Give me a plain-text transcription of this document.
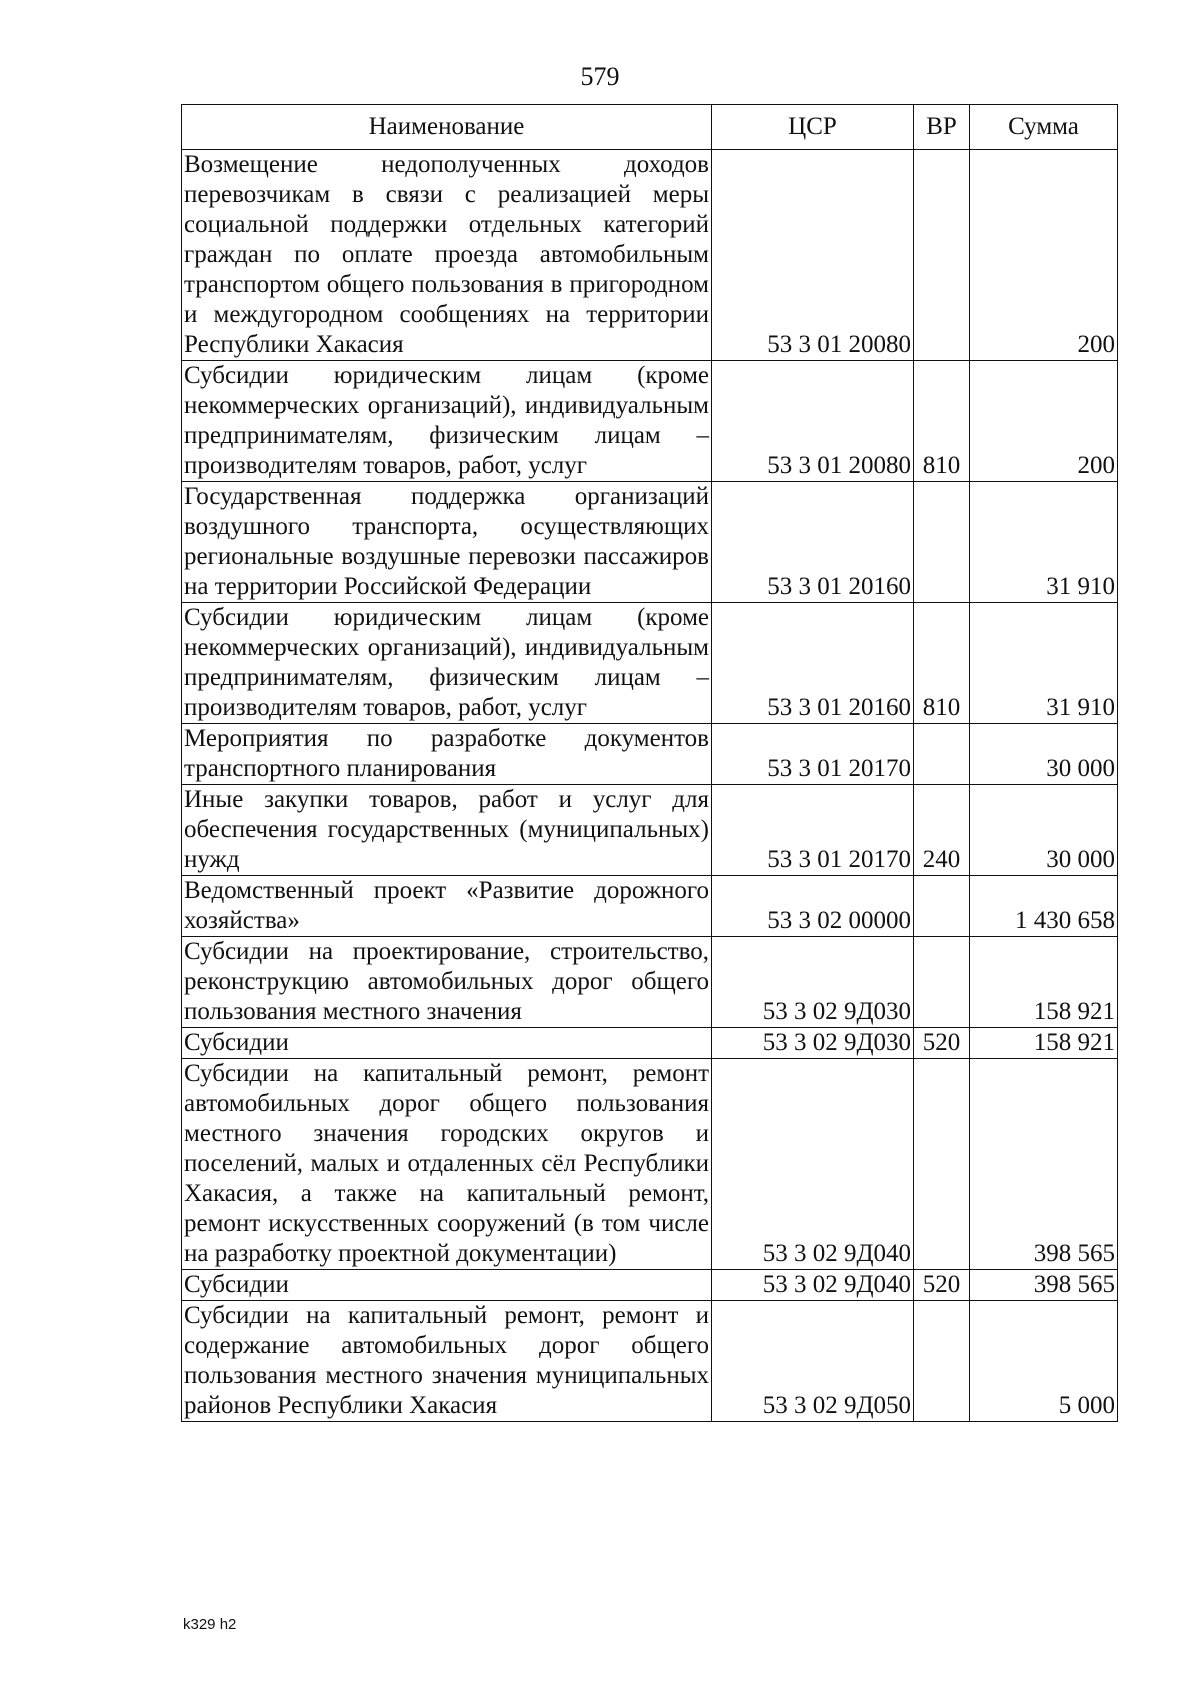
579
Наименование	ЦСР	ВР	Сумма
Возмещение недополученных доходов перевозчикам в связи с реализацией меры социальной поддержки отдельных категорий граждан по оплате проезда автомобильным транспортом общего пользования в пригородном и междугородном сообщениях на территории Республики Хакасия	53 3 01 20080		200
Субсидии юридическим лицам (кроме некоммерческих организаций), индивидуальным предпринимателям, физическим лицам – производителям товаров, работ, услуг	53 3 01 20080	810	200
Государственная поддержка организаций воздушного транспорта, осуществляющих региональные воздушные перевозки пассажиров на территории Российской Федерации	53 3 01 20160		31 910
Субсидии юридическим лицам (кроме некоммерческих организаций), индивидуальным предпринимателям, физическим лицам – производителям товаров, работ, услуг	53 3 01 20160	810	31 910
Мероприятия по разработке документов транспортного планирования	53 3 01 20170		30 000
Иные закупки товаров, работ и услуг для обеспечения государственных (муниципальных) нужд	53 3 01 20170	240	30 000
Ведомственный проект «Развитие дорожного хозяйства»	53 3 02 00000		1 430 658
Субсидии на проектирование, строительство, реконструкцию автомобильных дорог общего пользования местного значения	53 3 02 9Д030		158 921
Субсидии	53 3 02 9Д030	520	158 921
Субсидии на капитальный ремонт, ремонт автомобильных дорог общего пользования местного значения городских округов и поселений, малых и отдаленных сёл Республики Хакасия, а также на капитальный ремонт, ремонт искусственных сооружений (в том числе на разработку проектной документации)	53 3 02 9Д040		398 565
Субсидии	53 3 02 9Д040	520	398 565
Субсидии на капитальный ремонт, ремонт и содержание автомобильных дорог общего пользования местного значения муниципальных районов Республики Хакасия	53 3 02 9Д050		5 000
k329 h2
